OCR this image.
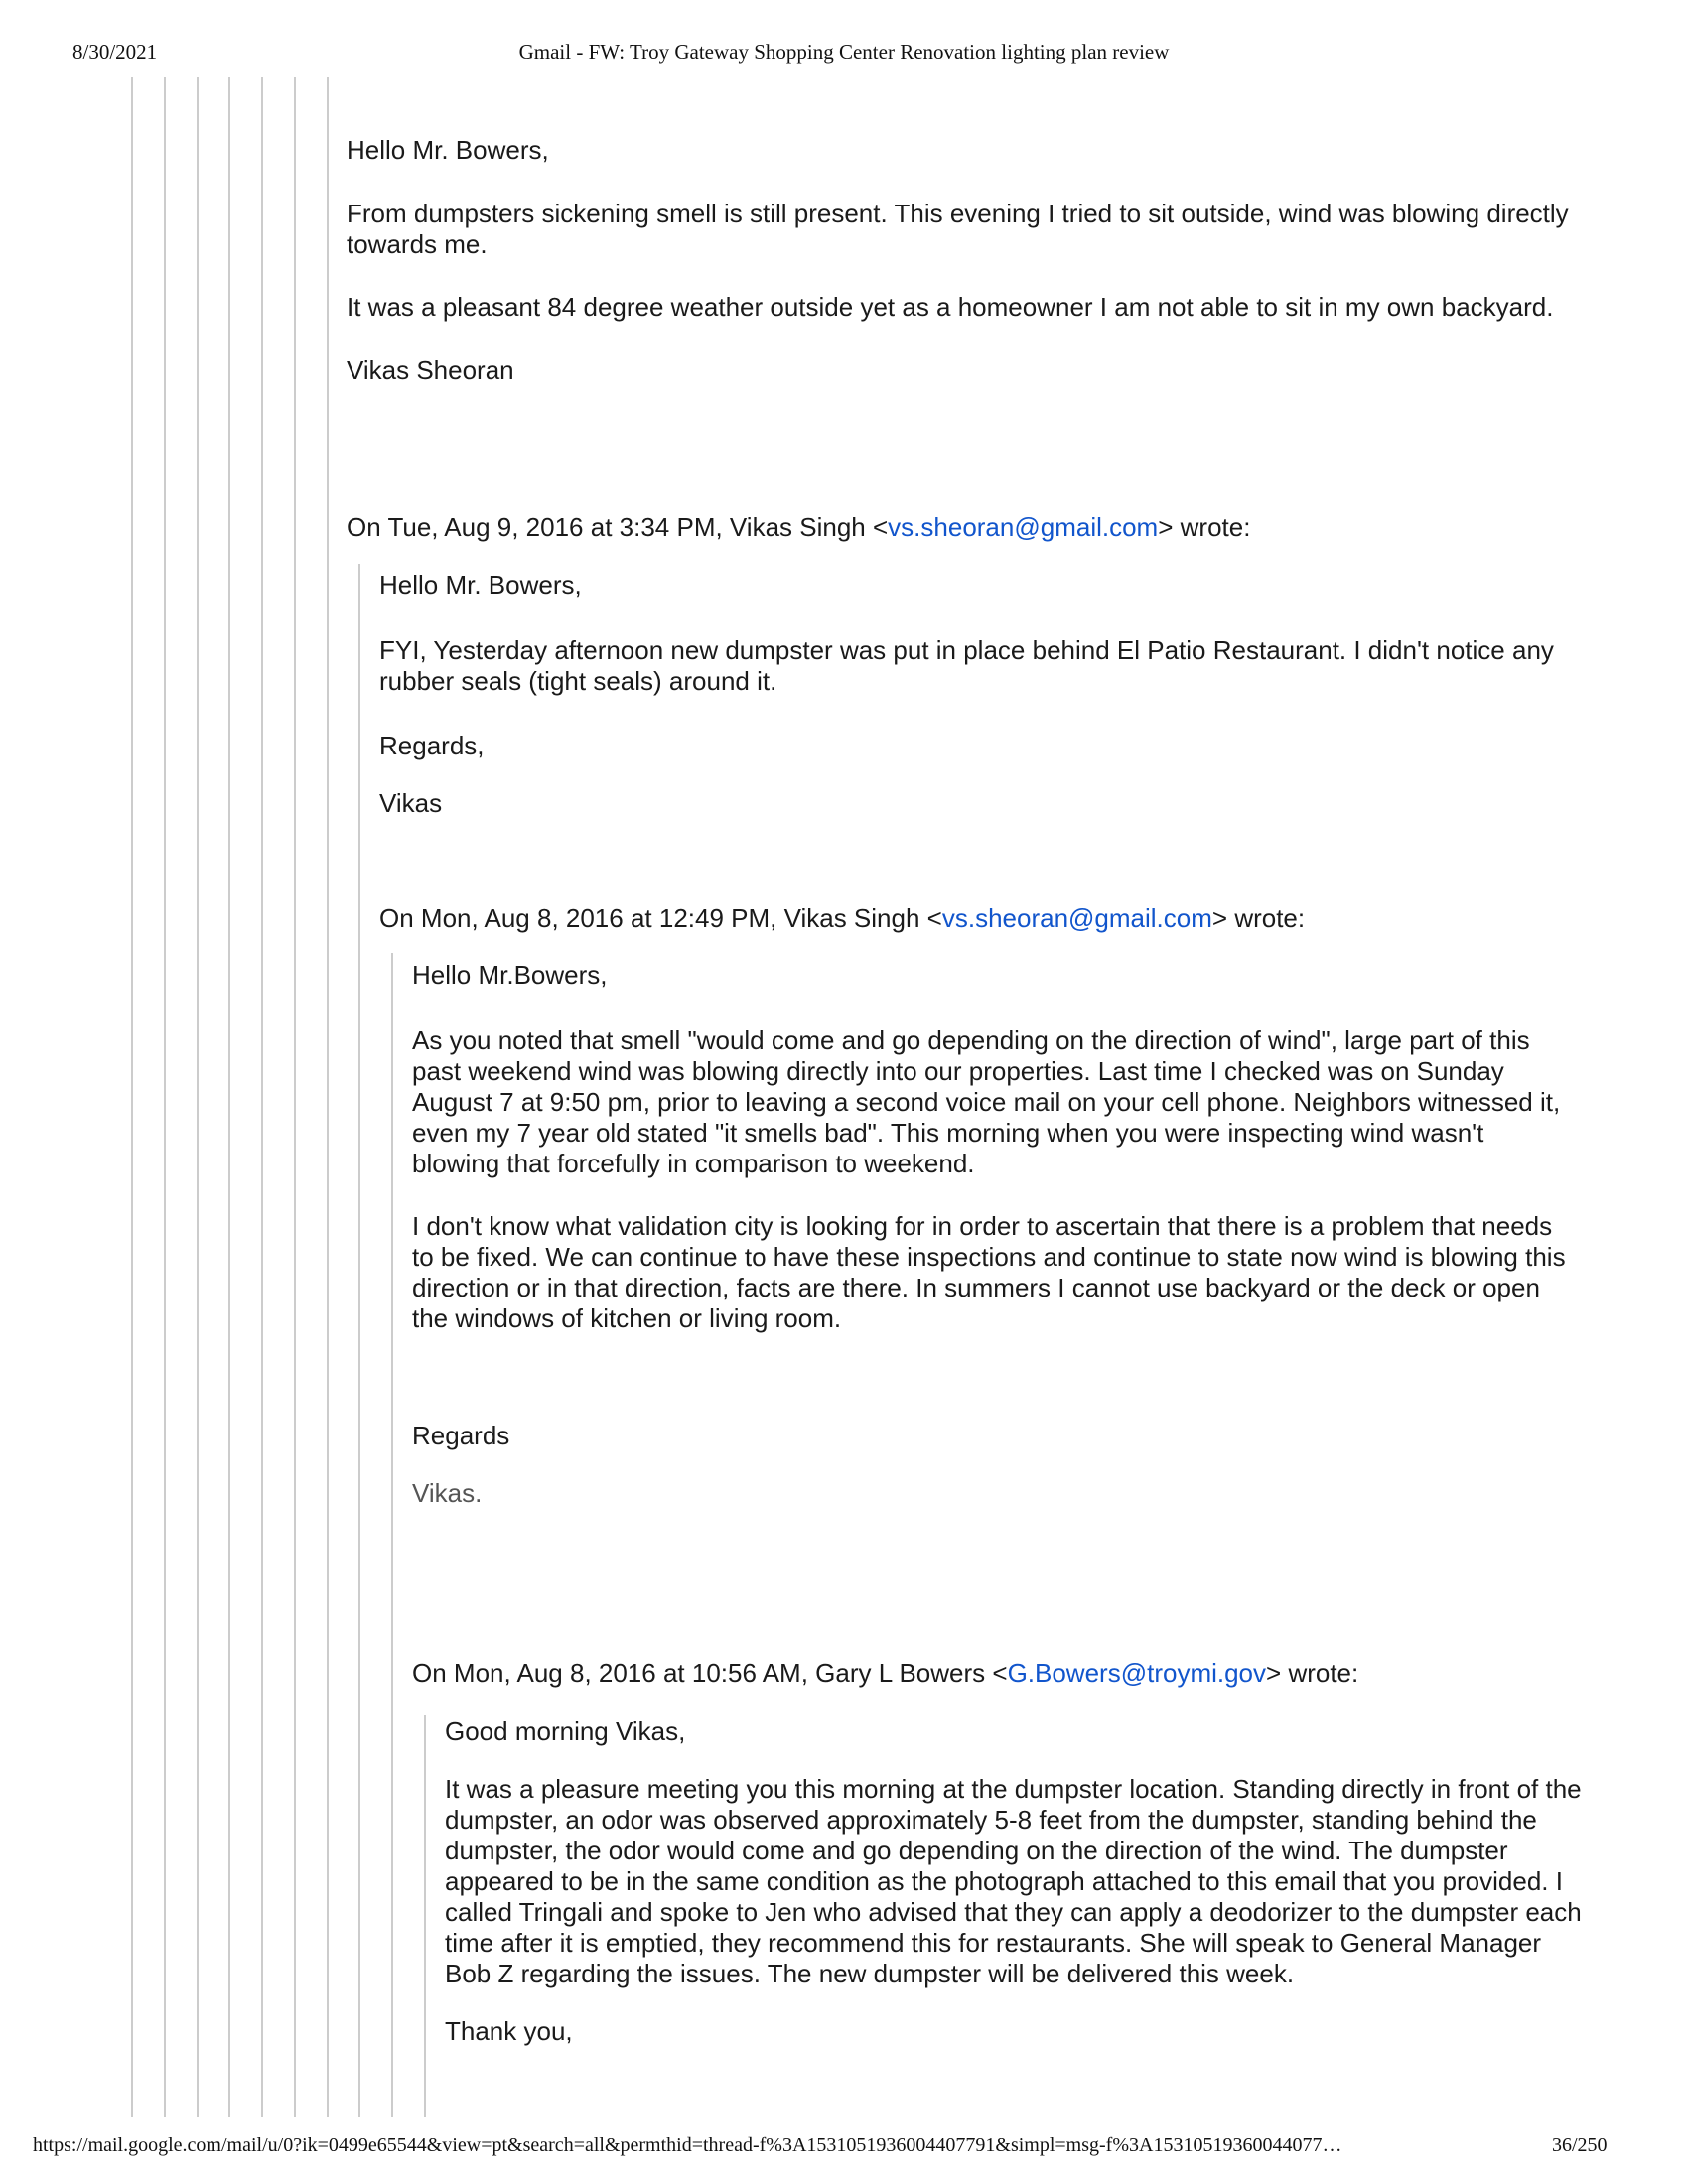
8/30/2021	Gmail - FW: Troy Gateway Shopping Center Renovation lighting plan review

Hello Mr. Bowers,

From dumpsters sickening smell is still present. This evening I tried to sit outside, wind was blowing directly towards me.

It was a pleasant 84 degree weather outside yet as a homeowner I am not able to sit in my own backyard.

Vikas Sheoran

On Tue, Aug 9, 2016 at 3:34 PM, Vikas Singh <vs.sheoran@gmail.com> wrote:

Hello Mr. Bowers,

FYI, Yesterday afternoon new dumpster was put in place behind El Patio Restaurant. I didn't notice any rubber seals (tight seals) around it.

Regards,

Vikas

On Mon, Aug 8, 2016 at 12:49 PM, Vikas Singh <vs.sheoran@gmail.com> wrote:

Hello Mr.Bowers,

As you noted that smell "would come and go depending on the direction of wind", large part of this past weekend wind was blowing directly into our properties. Last time I checked was on Sunday August 7 at 9:50 pm, prior to leaving a second voice mail on your cell phone. Neighbors witnessed it, even my 7 year old stated "it smells bad". This morning when you were inspecting wind wasn't blowing that forcefully in comparison to weekend.

I don't know what validation city is looking for in order to ascertain that there is a problem that needs to be fixed. We can continue to have these inspections and continue to state now wind is blowing this direction or in that direction, facts are there. In summers I cannot use backyard or the deck or open the windows of kitchen or living room.

Regards

Vikas.

On Mon, Aug 8, 2016 at 10:56 AM, Gary L Bowers <G.Bowers@troymi.gov> wrote:

Good morning Vikas,

It was a pleasure meeting you this morning at the dumpster location. Standing directly in front of the dumpster, an odor was observed approximately 5-8 feet from the dumpster, standing behind the dumpster, the odor would come and go depending on the direction of the wind. The dumpster appeared to be in the same condition as the photograph attached to this email that you provided. I called Tringali and spoke to Jen who advised that they can apply a deodorizer to the dumpster each time after it is emptied, they recommend this for restaurants. She will speak to General Manager Bob Z regarding the issues. The new dumpster will be delivered this week.

Thank you,

https://mail.google.com/mail/u/0?ik=0499e65544&view=pt&search=all&permthid=thread-f%3A1531051936004407791&simpl=msg-f%3A15310519360044077…	36/250
